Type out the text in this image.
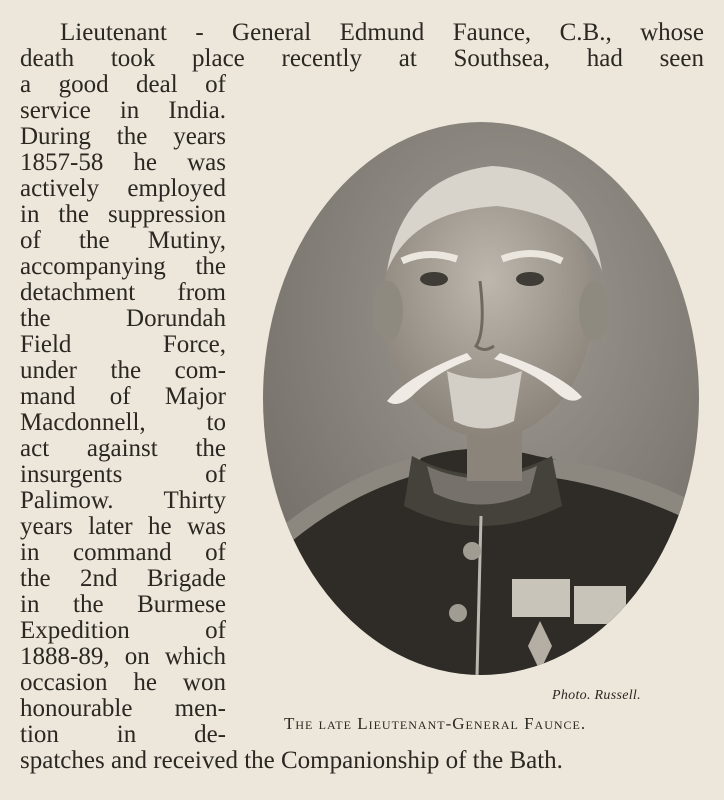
Lieutenant - General Edmund Faunce, C.B., whose
death took place recently at Southsea, had seen
a good deal of
service in India.
During the years
1857-58 he was
actively employed
in the suppression
of the Mutiny,
accompanying the
detachment from
the Dorundah
Field Force,
under the com-
mand of Major
Macdonnell, to
act against the
insurgents of
Palimow. Thirty
years later he was
in command of
the 2nd Brigade
in the Burmese
Expedition of
1888-89, on which
occasion he won
honourable men-
tion in de-
spatches and received the Companionship of the Bath.
Photo. Russell.
The late Lieutenant-General Faunce.
